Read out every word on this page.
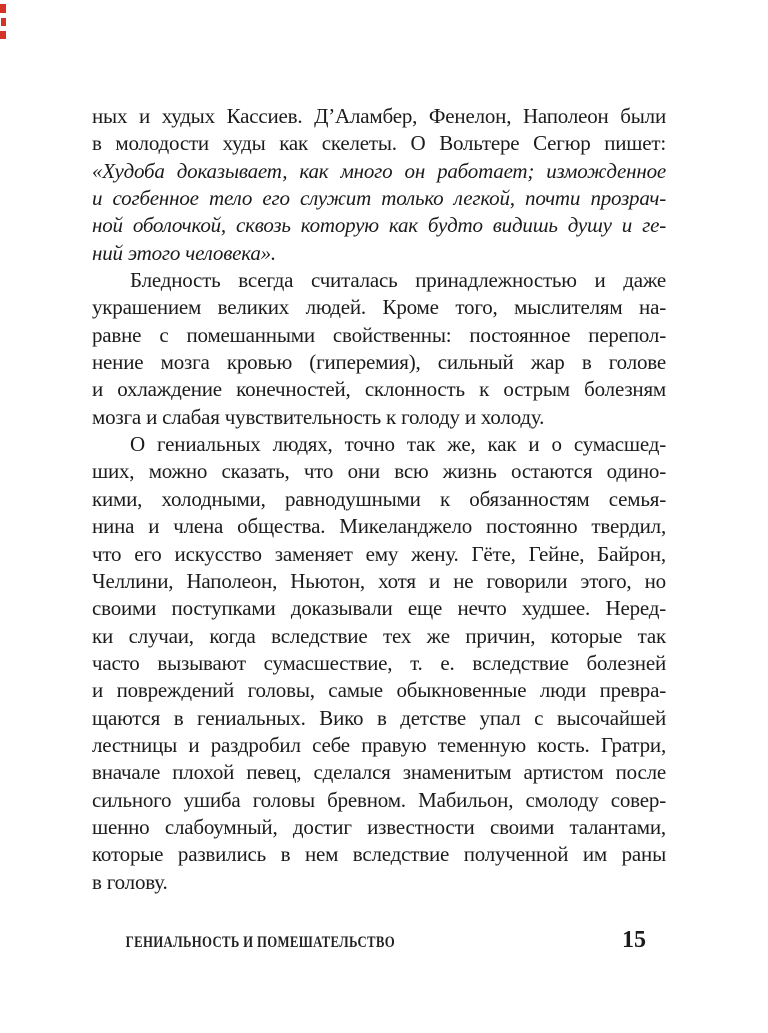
ных и худых Кассиев. Д’Аламбер, Фенелон, Наполеон были
в молодости худы как скелеты. О Вольтере Сегюр пишет:
«Худоба доказывает, как много он работает; изможденное
и согбенное тело его служит только легкой, почти прозрач-
ной оболочкой, сквозь которую как будто видишь душу и ге-
ний этого человека».
Бледность всегда считалась принадлежностью и даже
украшением великих людей. Кроме того, мыслителям на-
равне с помешанными свойственны: постоянное перепол-
нение мозга кровью (гиперемия), сильный жар в голове
и охлаждение конечностей, склонность к острым болезням
мозга и слабая чувствительность к голоду и холоду.
О гениальных людях, точно так же, как и о сумасшед-
ших, можно сказать, что они всю жизнь остаются одино-
кими, холодными, равнодушными к обязанностям семья-
нина и члена общества. Микеланджело постоянно твердил,
что его искусство заменяет ему жену. Гёте, Гейне, Байрон,
Челлини, Наполеон, Ньютон, хотя и не говорили этого, но
своими поступками доказывали еще нечто худшее. Неред-
ки случаи, когда вследствие тех же причин, которые так
часто вызывают сумасшествие, т. е. вследствие болезней
и повреждений головы, самые обыкновенные люди превра-
щаются в гениальных. Вико в детстве упал с высочайшей
лестницы и раздробил себе правую теменную кость. Гратри,
вначале плохой певец, сделался знаменитым артистом после
сильного ушиба головы бревном. Мабильон, смолоду совер-
шенно слабоумный, достиг известности своими талантами,
которые развились в нем вследствие полученной им раны
в голову.
ГЕНИАЛЬНОСТЬ И ПОМЕШАТЕЛЬСТВО	15
